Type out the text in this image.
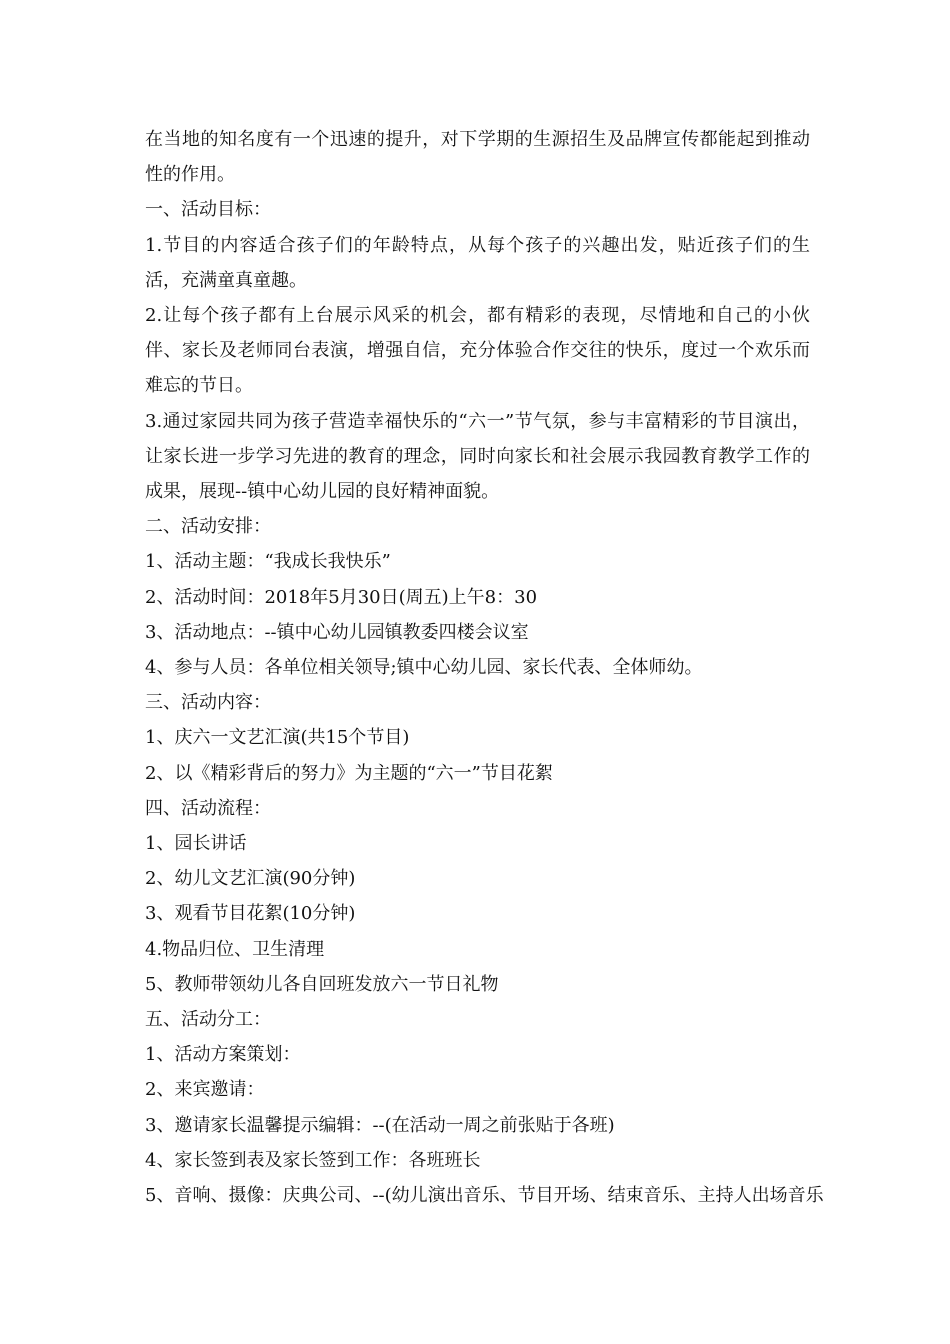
在当地的知名度有一个迅速的提升，对下学期的生源招生及品牌宣传都能起到推动性的作用。

一、活动目标：

1.节目的内容适合孩子们的年龄特点，从每个孩子的兴趣出发，贴近孩子们的生活，充满童真童趣。

2.让每个孩子都有上台展示风采的机会，都有精彩的表现，尽情地和自己的小伙伴、家长及老师同台表演，增强自信，充分体验合作交往的快乐，度过一个欢乐而难忘的节日。

3.通过家园共同为孩子营造幸福快乐的“六一”节气氛，参与丰富精彩的节目演出，让家长进一步学习先进的教育的理念，同时向家长和社会展示我园教育教学工作的成果，展现--镇中心幼儿园的良好精神面貌。

二、活动安排：

1、活动主题：“我成长我快乐”

2、活动时间：2018年5月30日(周五)上午8：30

3、活动地点：--镇中心幼儿园镇教委四楼会议室

4、参与人员：各单位相关领导;镇中心幼儿园、家长代表、全体师幼。

三、活动内容：

1、庆六一文艺汇演(共15个节目)

2、以《精彩背后的努力》为主题的“六一”节目花絮

四、活动流程：

1、园长讲话

2、幼儿文艺汇演(90分钟)

3、观看节目花絮(10分钟)

4.物品归位、卫生清理

5、教师带领幼儿各自回班发放六一节日礼物

五、活动分工：

1、活动方案策划：

2、来宾邀请：

3、邀请家长温馨提示编辑：--(在活动一周之前张贴于各班)

4、家长签到表及家长签到工作：各班班长

5、音响、摄像：庆典公司、--(幼儿演出音乐、节目开场、结束音乐、主持人出场音乐
